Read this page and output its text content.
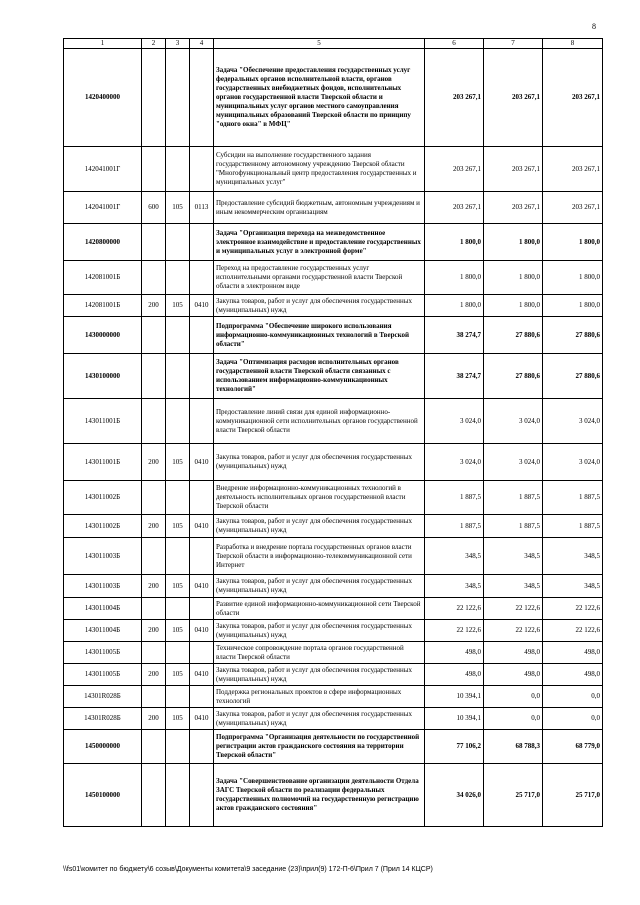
8
1	2	3	4	5	6	7	8
1420400000				Задача "Обеспечение предоставления государственных услуг федеральных органов исполнительной власти, органов государственных внебюджетных фондов, исполнительных органов государственной власти Тверской области и муниципальных услуг органов местного самоуправления муниципальных образований Тверской области по принципу "одного окна" в МФЦ"	203 267,1	203 267,1	203 267,1
142041001Г				Субсидии на выполнение государственного задания государственному автономному учреждению Тверской области "Многофункциональный центр предоставления государственных и муниципальных услуг"	203 267,1	203 267,1	203 267,1
142041001Г	600	105	0113	Предоставление субсидий бюджетным, автономным учреждениям и иным некоммерческим организациям	203 267,1	203 267,1	203 267,1
1420800000				Задача "Организация перехода на межведомственное электронное взаимодействие и предоставление государственных и муниципальных услуг в электронной форме"	1 800,0	1 800,0	1 800,0
142081001Б				Переход на предоставление государственных услуг исполнительными органами государственной власти Тверской области в электронном виде	1 800,0	1 800,0	1 800,0
142081001Б	200	105	0410	Закупка товаров, работ и услуг для обеспечения государственных (муниципальных) нужд	1 800,0	1 800,0	1 800,0
1430000000				Подпрограмма "Обеспечение широкого использования информационно-коммуникационных технологий в Тверской области"	38 274,7	27 880,6	27 880,6
1430100000				Задача "Оптимизация расходов исполнительных органов государственной власти Тверской области связанных с использованием информационно-коммуникационных технологий"	38 274,7	27 880,6	27 880,6
143011001Б				Предоставление линий связи для единой информационно-коммуникационной сети исполнительных органов государственной власти Тверской области	3 024,0	3 024,0	3 024,0
143011001Б	200	105	0410	Закупка товаров, работ и услуг для обеспечения государственных (муниципальных) нужд	3 024,0	3 024,0	3 024,0
143011002Б				Внедрение информационно-коммуникационных технологий в деятельность исполнительных органов государственной власти Тверской области	1 887,5	1 887,5	1 887,5
143011002Б	200	105	0410	Закупка товаров, работ и услуг для обеспечения государственных (муниципальных) нужд	1 887,5	1 887,5	1 887,5
143011003Б				Разработка и внедрение портала государственных органов власти Тверской области в информационно-телекоммуникационной сети Интернет	348,5	348,5	348,5
143011003Б	200	105	0410	Закупка товаров, работ и услуг для обеспечения государственных (муниципальных) нужд	348,5	348,5	348,5
143011004Б				Развитие единой информационно-коммуникационной сети Тверской области	22 122,6	22 122,6	22 122,6
143011004Б	200	105	0410	Закупка товаров, работ и услуг для обеспечения государственных (муниципальных) нужд	22 122,6	22 122,6	22 122,6
143011005Б				Техническое сопровождение портала органов государственной власти Тверской области	498,0	498,0	498,0
143011005Б	200	105	0410	Закупка товаров, работ и услуг для обеспечения государственных (муниципальных) нужд	498,0	498,0	498,0
14301R028Б				Поддержка региональных проектов в сфере информационных технологий	10 394,1	0,0	0,0
14301R028Б	200	105	0410	Закупка товаров, работ и услуг для обеспечения государственных (муниципальных) нужд	10 394,1	0,0	0,0
1450000000				Подпрограмма "Организация деятельности по государственной регистрации актов гражданского состояния на территории Тверской области"	77 106,2	68 788,3	68 779,0
1450100000				Задача "Совершенствование организации деятельности Отдела ЗАГС Тверской области по реализации федеральных государственных полномочий на государственную регистрацию актов гражданского состояния"	34 026,0	25 717,0	25 717,0
\\fs01\комитет по бюджету\6 созыв\Документы комитета\9 заседание (23)\прил(9) 172-П-6\Прил 7 (Прил 14 КЦСР)
